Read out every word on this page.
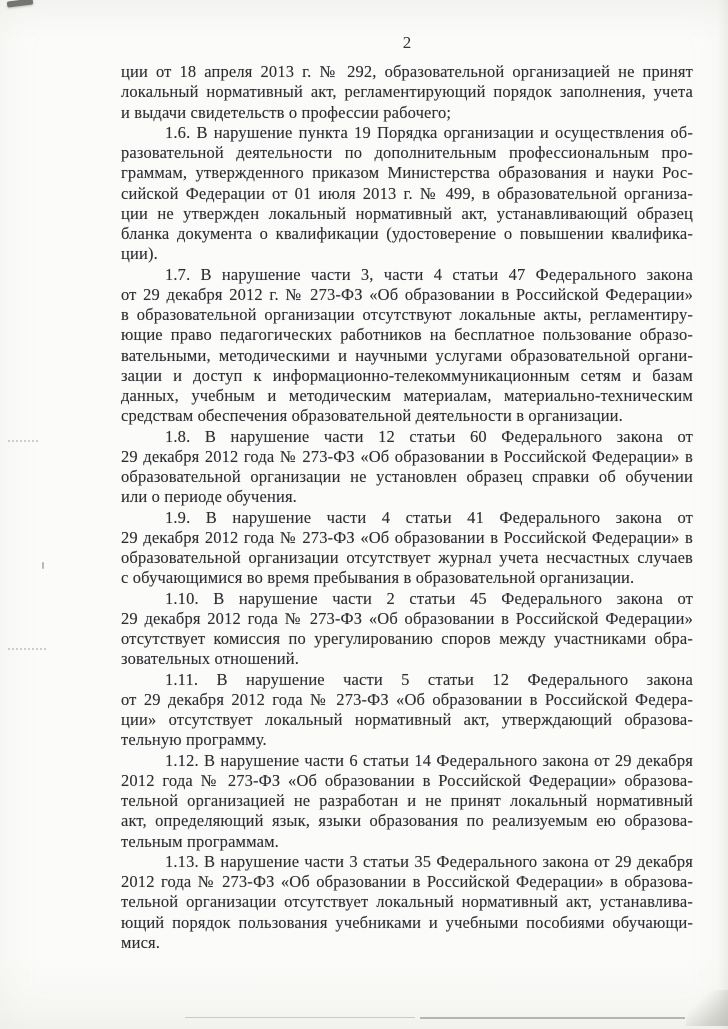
2
ции от 18 апреля 2013 г. № 292, образовательной организацией не принят
локальный нормативный акт, регламентирующий порядок заполнения, учета
и выдачи свидетельств о профессии рабочего;
1.6. В нарушение пункта 19 Порядка организации и осуществления об-
разовательной деятельности по дополнительным профессиональным про-
граммам, утвержденного приказом Министерства образования и науки Рос-
сийской Федерации от 01 июля 2013 г. № 499, в образовательной организа-
ции не утвержден локальный нормативный акт, устанавливающий образец
бланка документа о квалификации (удостоверение о повышении квалифика-
ции).
1.7. В нарушение части 3, части 4 статьи 47 Федерального закона
от 29 декабря 2012 г. № 273-ФЗ «Об образовании в Российской Федерации»
в образовательной организации отсутствуют локальные акты, регламентиру-
ющие право педагогических работников на бесплатное пользование образо-
вательными, методическими и научными услугами образовательной органи-
зации и доступ к информационно-телекоммуникационным сетям и базам
данных, учебным и методическим материалам, материально-техническим
средствам обеспечения образовательной деятельности в организации.
1.8. В нарушение части 12 статьи 60 Федерального закона от
29 декабря 2012 года № 273-ФЗ «Об образовании в Российской Федерации» в
образовательной организации не установлен образец справки об обучении
или о периоде обучения.
1.9. В нарушение части 4 статьи 41 Федерального закона от
29 декабря 2012 года № 273-ФЗ «Об образовании в Российской Федерации» в
образовательной организации отсутствует журнал учета несчастных случаев
с обучающимися во время пребывания в образовательной организации.
1.10. В нарушение части 2 статьи 45 Федерального закона от
29 декабря 2012 года № 273-ФЗ «Об образовании в Российской Федерации»
отсутствует комиссия по урегулированию споров между участниками обра-
зовательных отношений.
1.11. В нарушение части 5 статьи 12 Федерального закона
от 29 декабря 2012 года № 273-ФЗ «Об образовании в Российской Федера-
ции» отсутствует локальный нормативный акт, утверждающий образова-
тельную программу.
1.12. В нарушение части 6 статьи 14 Федерального закона от 29 декабря
2012 года № 273-ФЗ «Об образовании в Российской Федерации» образова-
тельной организацией не разработан и не принят локальный нормативный
акт, определяющий язык, языки образования по реализуемым ею образова-
тельным программам.
1.13. В нарушение части 3 статьи 35 Федерального закона от 29 декабря
2012 года № 273-ФЗ «Об образовании в Российской Федерации» в образова-
тельной организации отсутствует локальный нормативный акт, устанавлива-
ющий порядок пользования учебниками и учебными пособиями обучающи-
мися.
